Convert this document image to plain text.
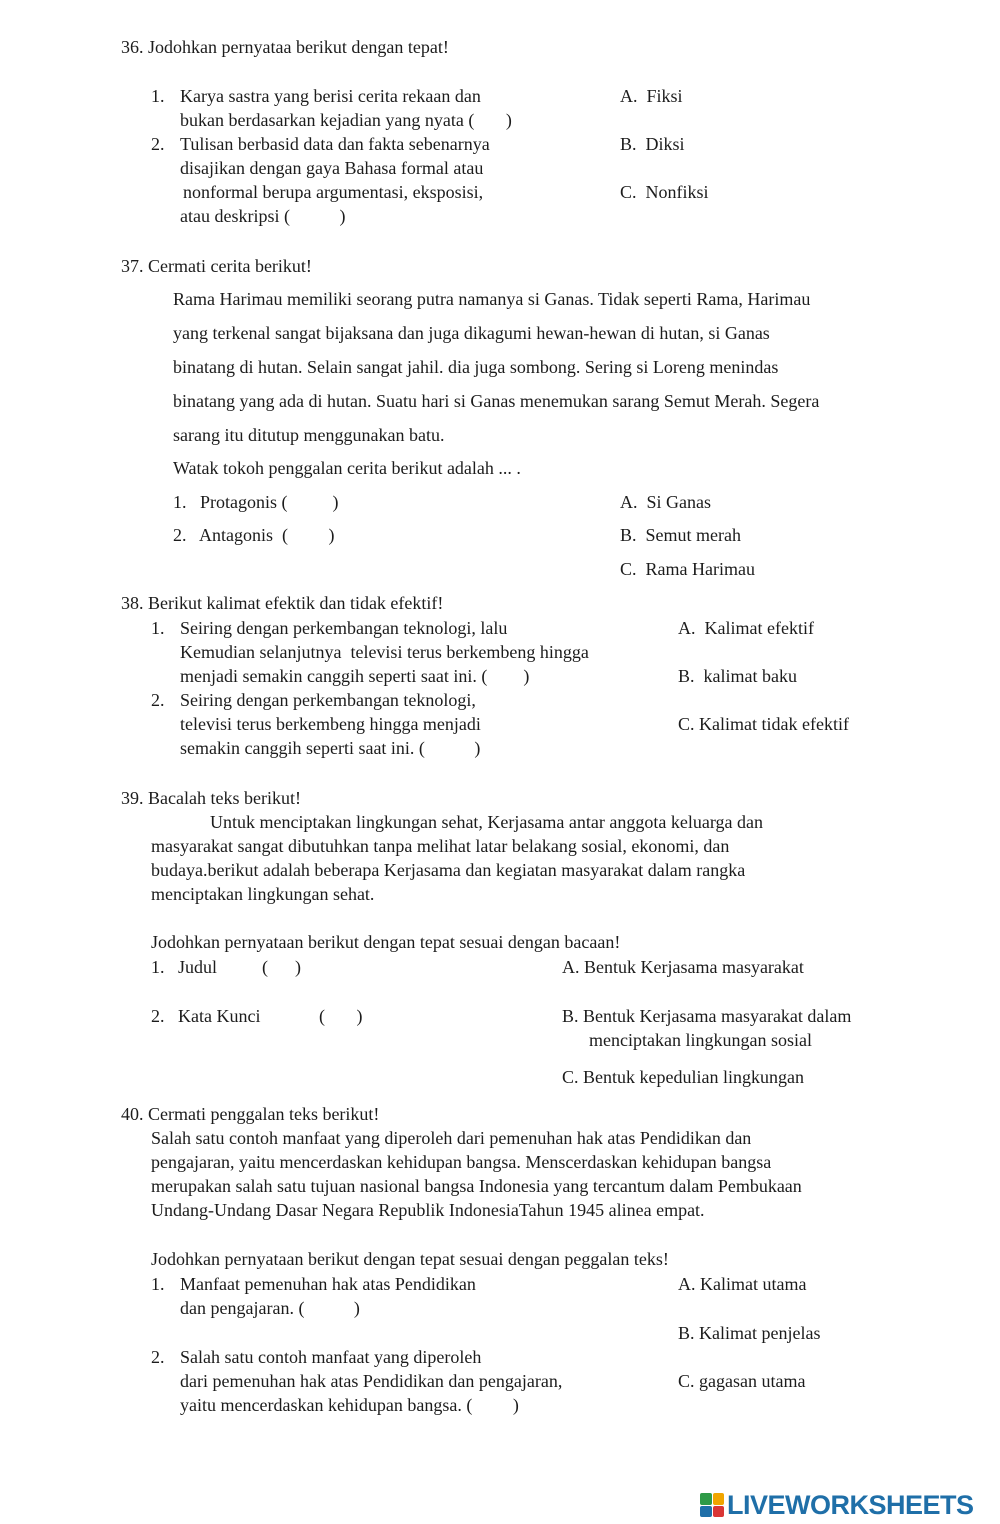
36. Jodohkan pernyataa berikut dengan tepat!
1. Karya sastra yang berisi cerita rekaan dan
bukan berdasarkan kejadian yang nyata (       )
2. Tulisan berbasid data dan fakta sebenarnya
disajikan dengan gaya Bahasa formal atau
nonformal berupa argumentasi, eksposisi,
atau deskripsi (           )
A.  Fiksi
B.  Diksi
C.  Nonfiksi
37. Cermati cerita berikut!
Rama Harimau memiliki seorang putra namanya si Ganas. Tidak seperti Rama, Harimau
yang terkenal sangat bijaksana dan juga dikagumi hewan-hewan di hutan, si Ganas
binatang di hutan. Selain sangat jahil. dia juga sombong. Sering si Loreng menindas
binatang yang ada di hutan. Suatu hari si Ganas menemukan sarang Semut Merah. Segera
sarang itu ditutup menggunakan batu.
Watak tokoh penggalan cerita berikut adalah ... .
1.   Protagonis (          )
2.   Antagonis  (         )
A.  Si Ganas
B.  Semut merah
C.  Rama Harimau
38. Berikut kalimat efektik dan tidak efektif!
1. Seiring dengan perkembangan teknologi, lalu
Kemudian selanjutnya  televisi terus berkembeng hingga
menjadi semakin canggih seperti saat ini. (        )
2. Seiring dengan perkembangan teknologi,
televisi terus berkembeng hingga menjadi
semakin canggih seperti saat ini. (           )
A.  Kalimat efektif
B.  kalimat baku
C. Kalimat tidak efektif
39. Bacalah teks berikut!
Untuk menciptakan lingkungan sehat, Kerjasama antar anggota keluarga dan
masyarakat sangat dibutuhkan tanpa melihat latar belakang sosial, ekonomi, dan
budaya.berikut adalah beberapa Kerjasama dan kegiatan masyarakat dalam rangka
menciptakan lingkungan sehat.
Jodohkan pernyataan berikut dengan tepat sesuai dengan bacaan!
1.   Judul          (      )
2.   Kata Kunci             (       )
A. Bentuk Kerjasama masyarakat
B. Bentuk Kerjasama masyarakat dalam
menciptakan lingkungan sosial
C. Bentuk kepedulian lingkungan
40. Cermati penggalan teks berikut!
Salah satu contoh manfaat yang diperoleh dari pemenuhan hak atas Pendidikan dan
pengajaran, yaitu mencerdaskan kehidupan bangsa. Menscerdaskan kehidupan bangsa
merupakan salah satu tujuan nasional bangsa Indonesia yang tercantum dalam Pembukaan
Undang-Undang Dasar Negara Republik IndonesiaTahun 1945 alinea empat.
Jodohkan pernyataan berikut dengan tepat sesuai dengan peggalan teks!
1. Manfaat pemenuhan hak atas Pendidikan
dan pengajaran. (           )
2. Salah satu contoh manfaat yang diperoleh
dari pemenuhan hak atas Pendidikan dan pengajaran,
yaitu mencerdaskan kehidupan bangsa. (         )
A. Kalimat utama
B. Kalimat penjelas
C. gagasan utama
LIVEWORKSHEETS
